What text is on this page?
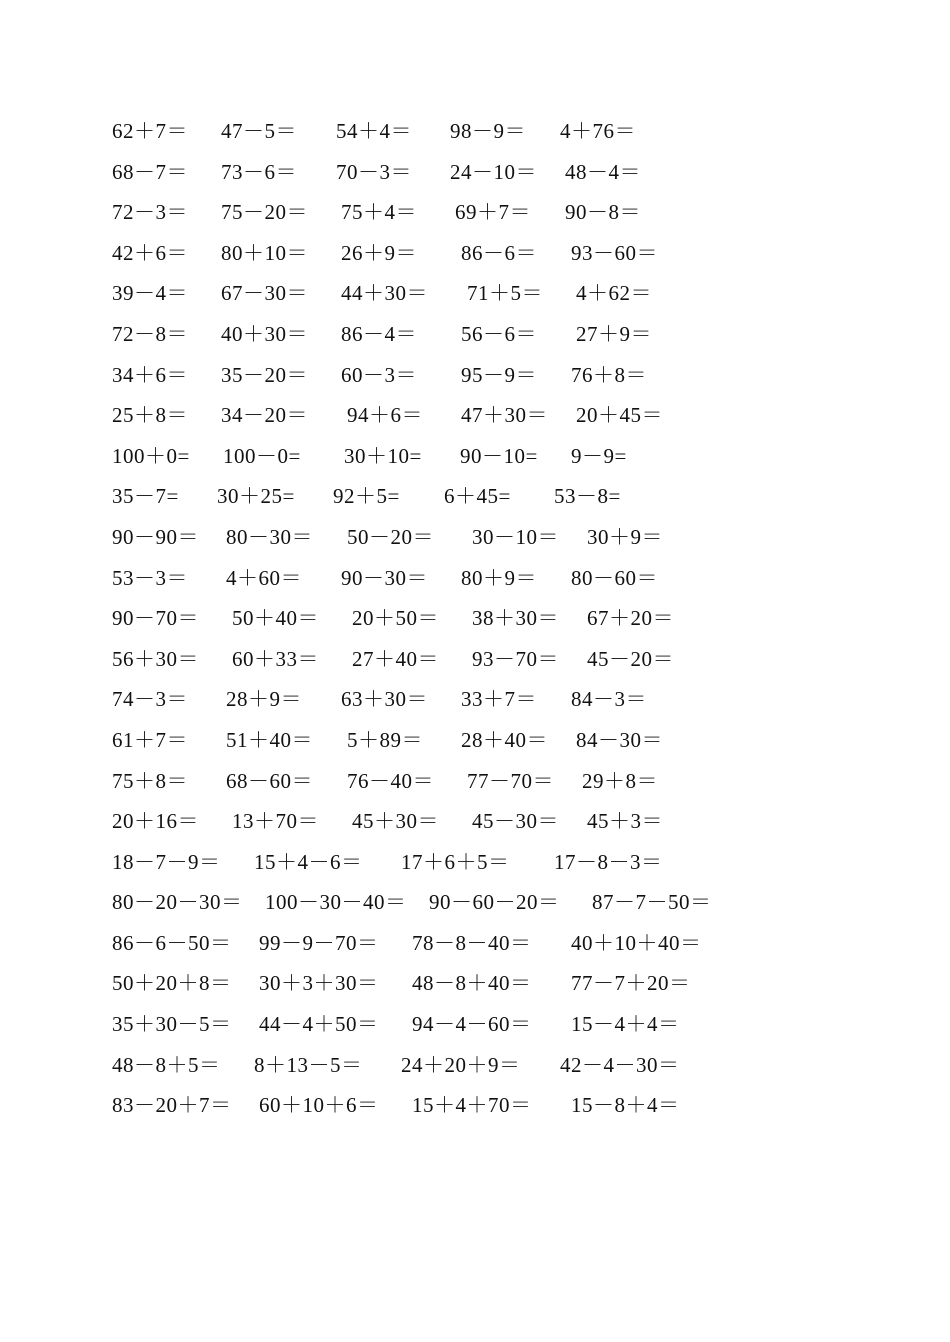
62＋7＝ 47－5＝ 54＋4＝ 98－9＝ 4＋76＝
68－7＝ 73－6＝ 70－3＝ 24－10＝ 48－4＝
72－3＝ 75－20＝ 75＋4＝ 69＋7＝ 90－8＝
42＋6＝ 80＋10＝ 26＋9＝ 86－6＝ 93－60＝
39－4＝ 67－30＝ 44＋30＝ 71＋5＝ 4＋62＝
72－8＝ 40＋30＝ 86－4＝ 56－6＝ 27＋9＝
34＋6＝ 35－20＝ 60－3＝ 95－9＝ 76＋8＝
25＋8＝ 34－20＝ 94＋6＝ 47＋30＝ 20＋45＝
100＋0= 100－0= 30＋10= 90－10= 9－9=
35－7= 30＋25= 92＋5= 6＋45= 53－8=
90－90＝ 80－30＝ 50－20＝ 30－10＝ 30＋9＝
53－3＝ 4＋60＝ 90－30＝ 80＋9＝ 80－60＝
90－70＝ 50＋40＝ 20＋50＝ 38＋30＝ 67＋20＝
56＋30＝ 60＋33＝ 27＋40＝ 93－70＝ 45－20＝
74－3＝ 28＋9＝ 63＋30＝ 33＋7＝ 84－3＝
61＋7＝ 51＋40＝ 5＋89＝ 28＋40＝ 84－30＝
75＋8＝ 68－60＝ 76－40＝ 77－70＝ 29＋8＝
20＋16＝ 13＋70＝ 45＋30＝ 45－30＝ 45＋3＝
18－7－9＝ 15＋4－6＝ 17＋6＋5＝ 17－8－3＝
80－20－30＝ 100－30－40＝ 90－60－20＝ 87－7－50＝
86－6－50＝ 99－9－70＝ 78－8－40＝ 40＋10＋40＝
50＋20＋8＝ 30＋3＋30＝ 48－8＋40＝ 77－7＋20＝
35＋30－5＝ 44－4＋50＝ 94－4－60＝ 15－4＋4＝
48－8＋5＝ 8＋13－5＝ 24＋20＋9＝ 42－4－30＝
83－20＋7＝ 60＋10＋6＝ 15＋4＋70＝ 15－8＋4＝
